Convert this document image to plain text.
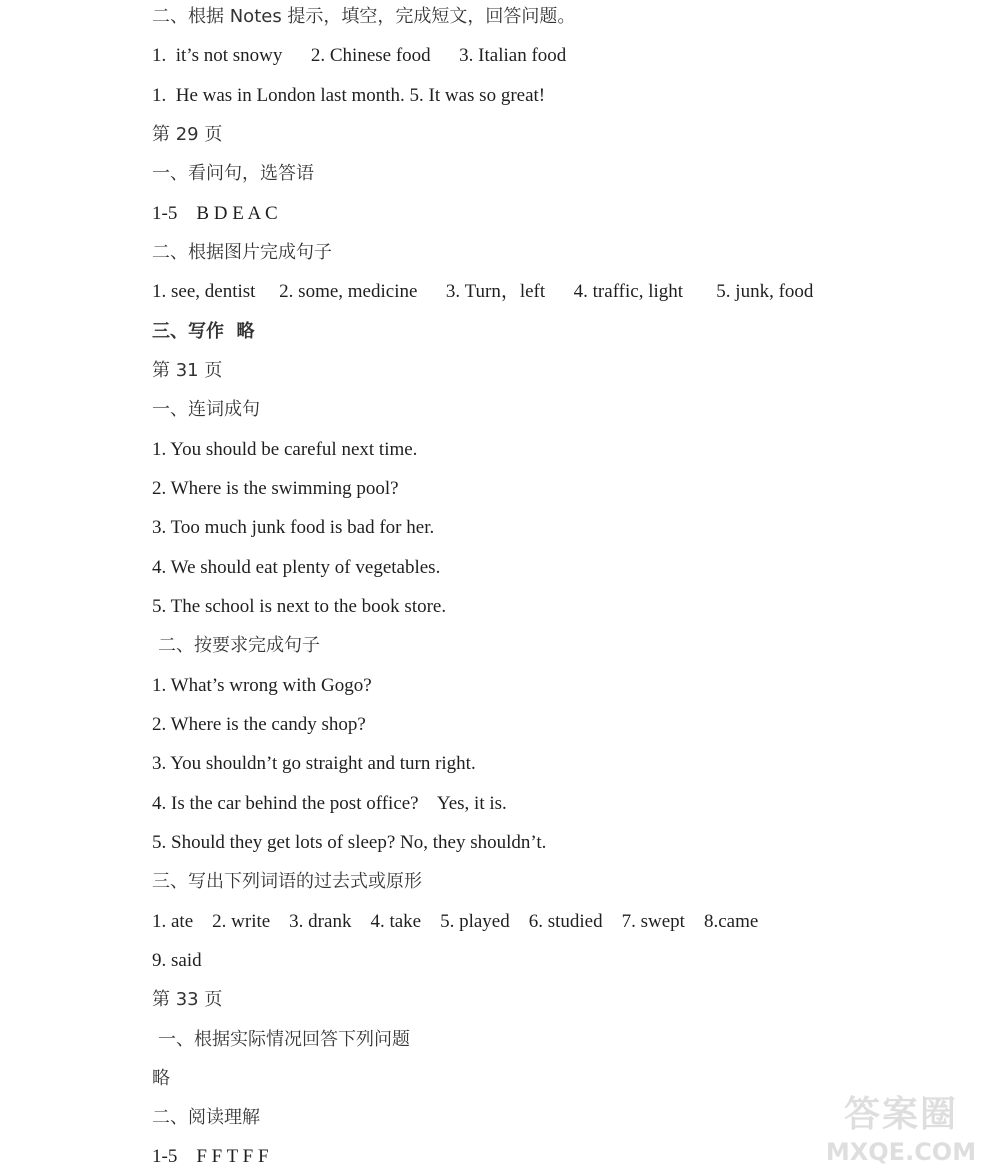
二、根据 Notes 提示，填空，完成短文，回答问题。
1.  it’s not snowy      2. Chinese food      3. Italian food
1.  He was in London last month. 5. It was so great!
第 29 页
一、看问句，选答语
1-5    B D E A C
二、根据图片完成句子
1. see, dentist     2. some, medicine      3. Turn，left      4. traffic, light       5. junk, food
三、写作  略
第 31 页
一、连词成句
1. You should be careful next time.
2. Where is the swimming pool?
3. Too much junk food is bad for her.
4. We should eat plenty of vegetables.
5. The school is next to the book store.
二、按要求完成句子
1. What’s wrong with Gogo?
2. Where is the candy shop?
3. You shouldn’t go straight and turn right.
4. Is the car behind the post office?    Yes, it is.
5. Should they get lots of sleep? No, they shouldn’t.
三、写出下列词语的过去式或原形
1. ate    2. write    3. drank    4. take    5. played    6. studied    7. swept    8.came
9. said
第 33 页
一、根据实际情况回答下列问题
略
二、阅读理解
1-5    F F T F F
答案圈
MXQE.COM
